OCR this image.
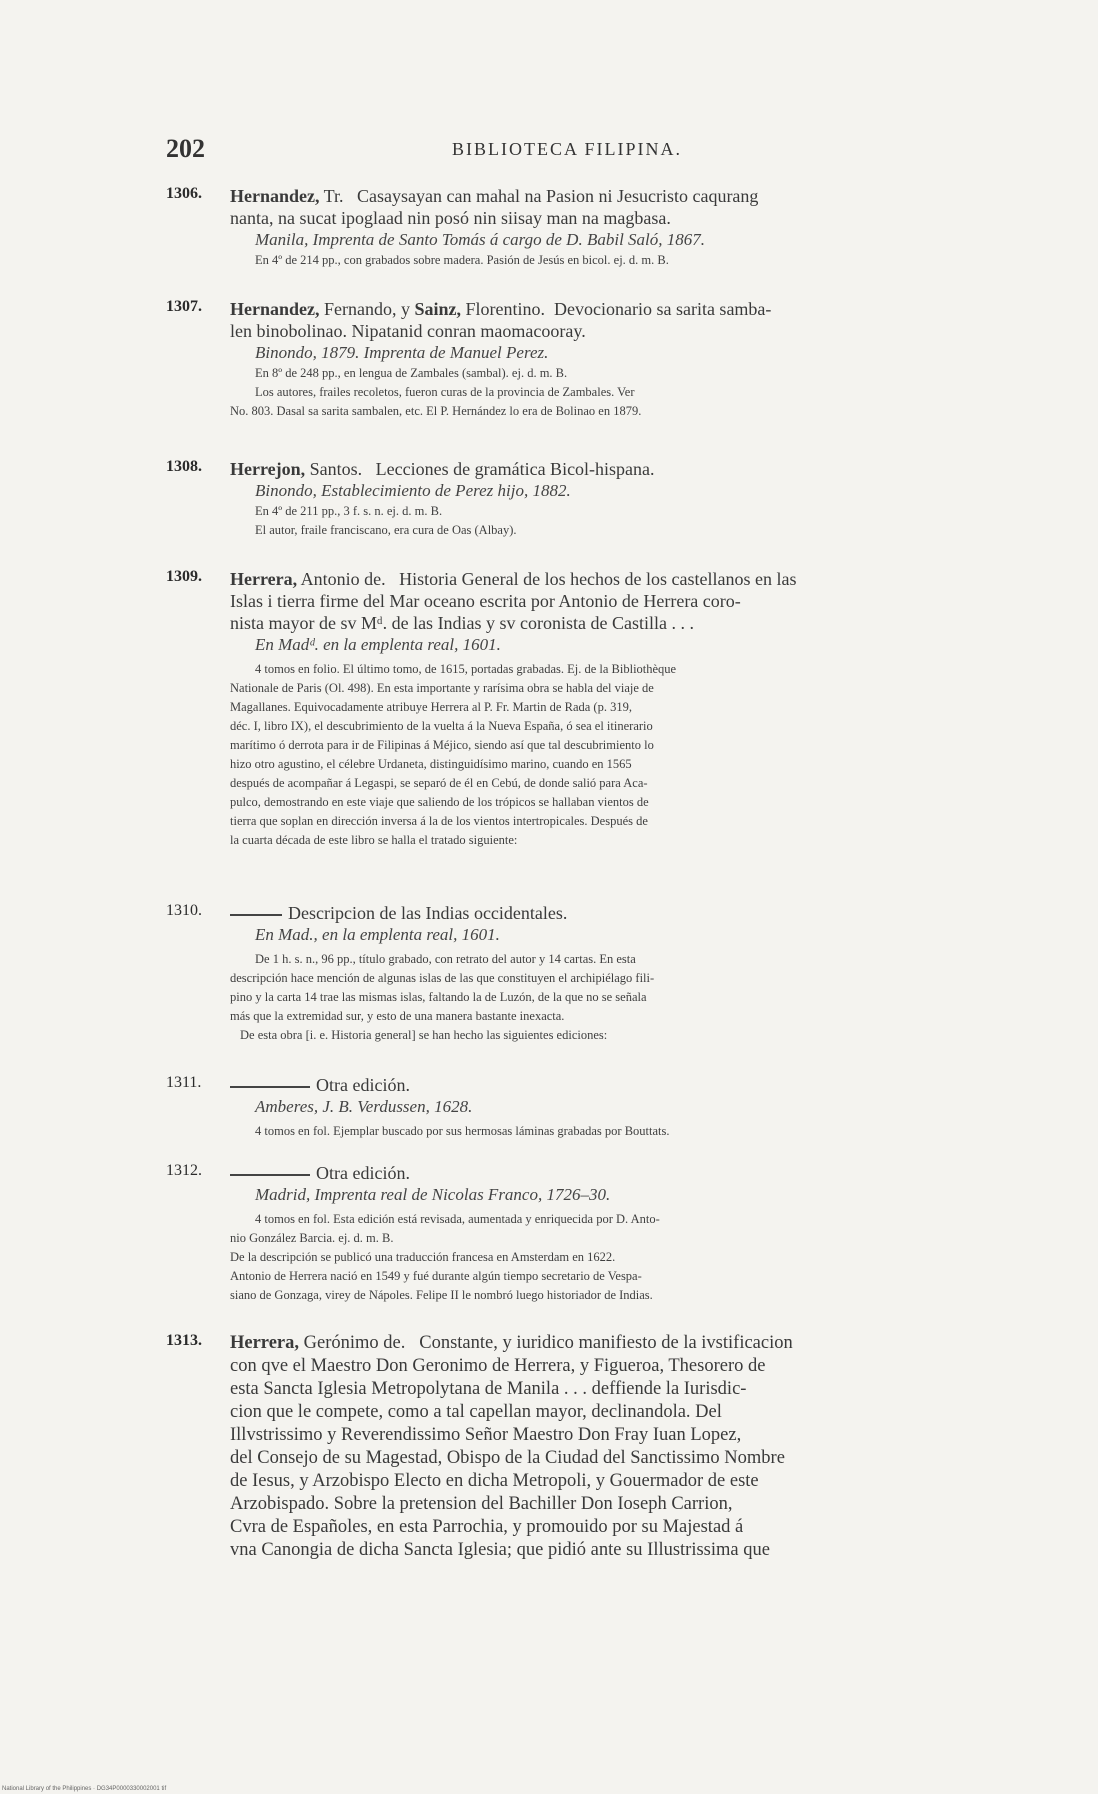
202	BIBLIOTECA FILIPINA.
1306.	Hernandez, Tr. Casaysayan can mahal na Pasion ni Jesucristo caqurang
nanta, na sucat ipoglaad nin posó nin siisay man na magbasa.
Manila, Imprenta de Santo Tomás á cargo de D. Babil Saló, 1867.
En 4º de 214 pp., con grabados sobre madera. Pasión de Jesús en bicol. ej. d. m. B.
1307.	Hernandez, Fernando, y Sainz, Florentino. Devocionario sa sarita samba-
len binobolinao. Nipatanid conran maomacooray.
Binondo, 1879. Imprenta de Manuel Perez.
En 8º de 248 pp., en lengua de Zambales (sambal). ej. d. m. B.
Los autores, frailes recoletos, fueron curas de la provincia de Zambales. Ver
No. 803. Dasal sa sarita sambalen, etc. El P. Hernández lo era de Bolinao en 1879.
1308.	Herrejon, Santos. Lecciones de gramática Bicol-hispana.
Binondo, Establecimiento de Perez hijo, 1882.
En 4º de 211 pp., 3 f. s. n. ej. d. m. B.
El autor, fraile franciscano, era cura de Oas (Albay).
1309.	Herrera, Antonio de. Historia General de los hechos de los castellanos en las
Islas i tierra firme del Mar oceano escrita por Antonio de Herrera coro-
nista mayor de sv Mᵈ. de las Indias y sv coronista de Castilla . . .
En Madᵈ. en la emplenta real, 1601.
4 tomos en folio. El último tomo, de 1615, portadas grabadas. Ej. de la Bibliothèque
Nationale de Paris (Ol. 498). En esta importante y rarísima obra se habla del viaje de
Magallanes. Equivocadamente atribuye Herrera al P. Fr. Martin de Rada (p. 319,
déc. I, libro IX), el descubrimiento de la vuelta á la Nueva España, ó sea el itinerario
marítimo ó derrota para ir de Filipinas á Méjico, siendo así que tal descubrimiento lo
hizo otro agustino, el célebre Urdaneta, distinguidísimo marino, cuando en 1565
después de acompañar á Legaspi, se separó de él en Cebú, de donde salió para Aca-
pulco, demostrando en este viaje que saliendo de los trópicos se hallaban vientos de
tierra que soplan en dirección inversa á la de los vientos intertropicales. Después de
la cuarta década de este libro se halla el tratado siguiente:
1310.	Descripcion de las Indias occidentales.
En Mad., en la emplenta real, 1601.
De 1 h. s. n., 96 pp., título grabado, con retrato del autor y 14 cartas. En esta
descripción hace mención de algunas islas de las que constituyen el archipiélago fili-
pino y la carta 14 trae las mismas islas, faltando la de Luzón, de la que no se señala
más que la extremidad sur, y esto de una manera bastante inexacta.
De esta obra [i. e. Historia general] se han hecho las siguientes ediciones:
1311.	Otra edición.
Amberes, J. B. Verdussen, 1628.
4 tomos en fol. Ejemplar buscado por sus hermosas láminas grabadas por Bouttats.
1312.	Otra edición.
Madrid, Imprenta real de Nicolas Franco, 1726–30.
4 tomos en fol. Esta edición está revisada, aumentada y enriquecida por D. Anto-
nio González Barcia. ej. d. m. B.
De la descripción se publicó una traducción francesa en Amsterdam en 1622.
Antonio de Herrera nació en 1549 y fué durante algún tiempo secretario de Vespa-
siano de Gonzaga, virey de Nápoles. Felipe II le nombró luego historiador de Indias.
1313.	Herrera, Gerónimo de. Constante, y iuridico manifiesto de la ivstificacion
con qve el Maestro Don Geronimo de Herrera, y Figueroa, Thesorero de
esta Sancta Iglesia Metropolytana de Manila . . . deffiende la Iurisdic-
cion que le compete, como a tal capellan mayor, declinandola. Del
Illvstrissimo y Reverendissimo Señor Maestro Don Fray Iuan Lopez,
del Consejo de su Magestad, Obispo de la Ciudad del Sanctissimo Nombre
de Iesus, y Arzobispo Electo en dicha Metropoli, y Gouermador de este
Arzobispado. Sobre la pretension del Bachiller Don Ioseph Carrion,
Cvra de Españoles, en esta Parrochia, y promouido por su Majestad á
vna Canongia de dicha Sancta Iglesia; que pidió ante su Illustrissima que
National Library of the Philippines · DG34P0000330002001 tif
